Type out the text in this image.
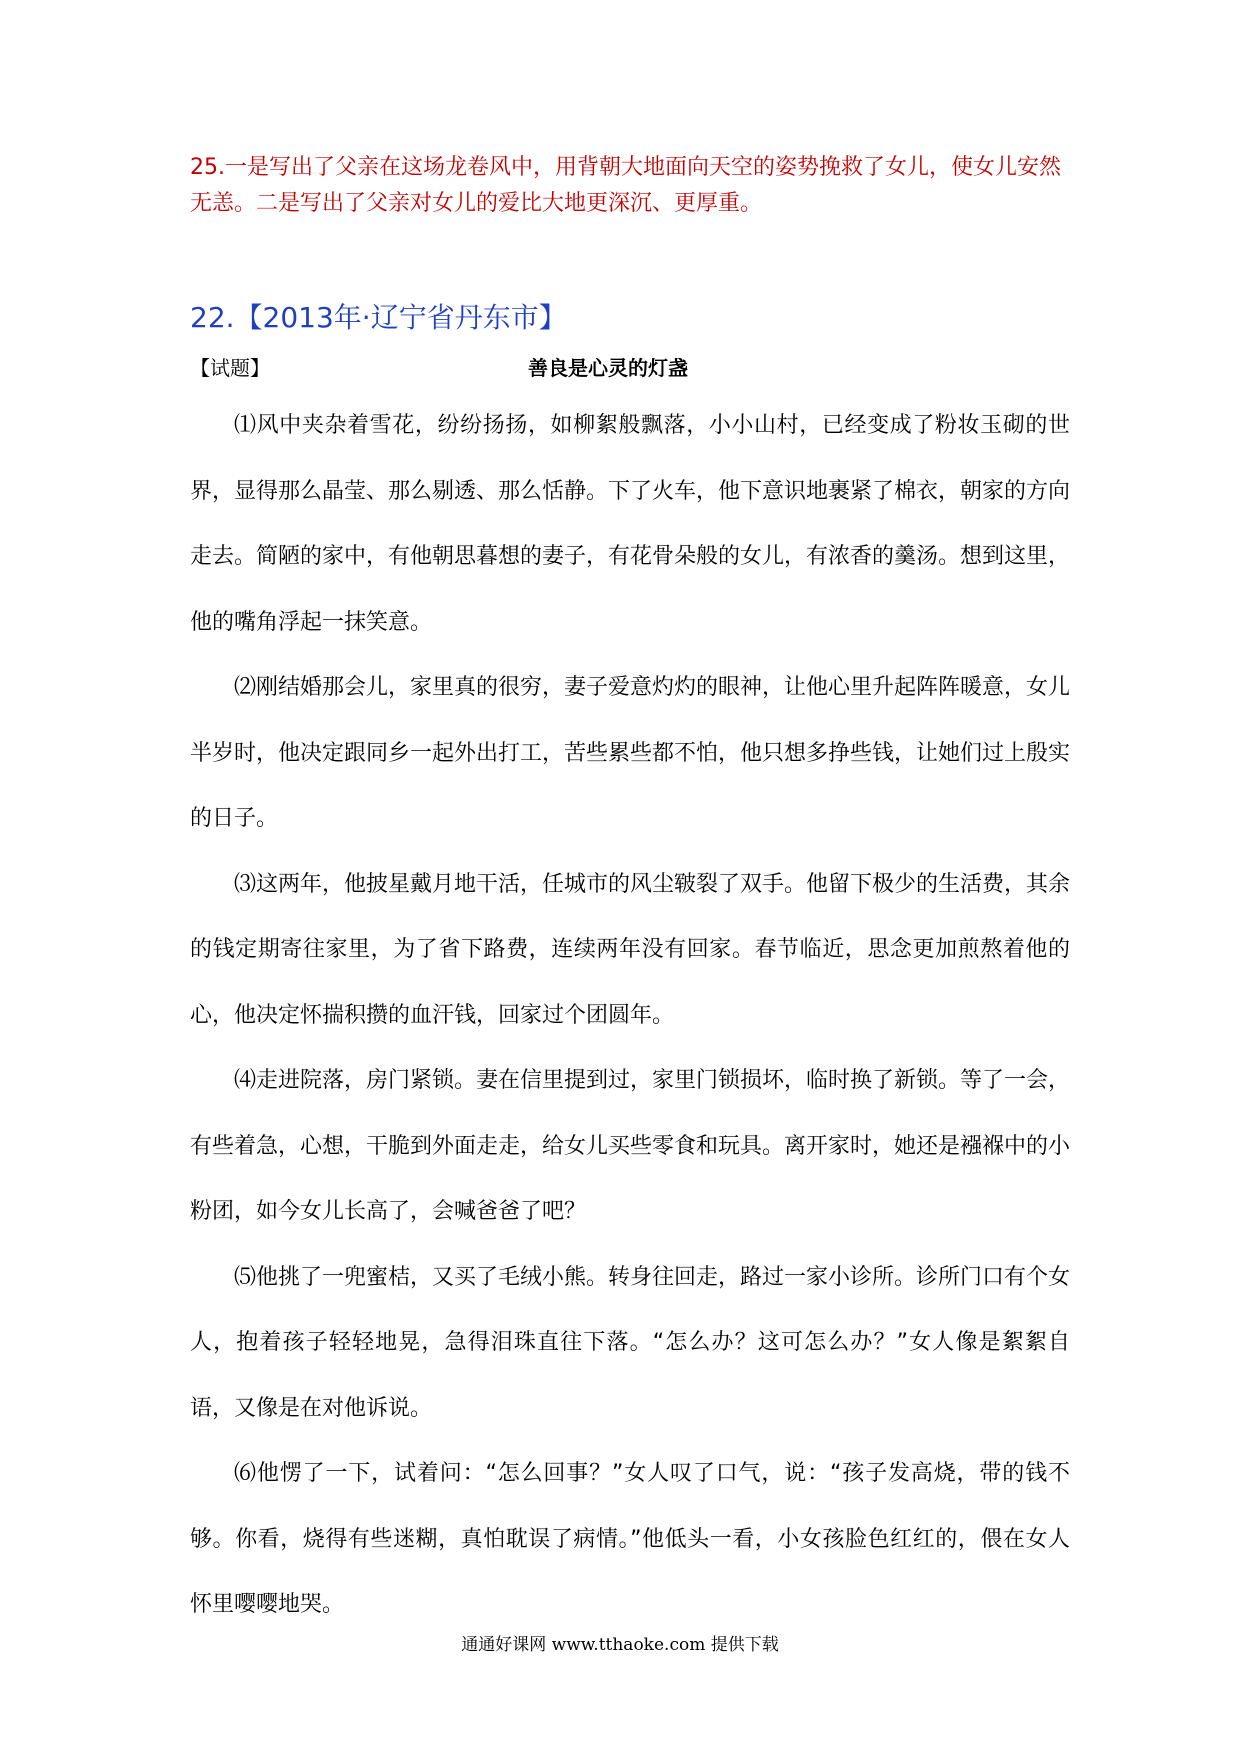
25.一是写出了父亲在这场龙卷风中，用背朝大地面向天空的姿势挽救了女儿，使女儿安然无恙。二是写出了父亲对女儿的爱比大地更深沉、更厚重。
22.【2013年·辽宁省丹东市】
【试题】	善良是心灵的灯盏

⑴风中夹杂着雪花，纷纷扬扬，如柳絮般飘落，小小山村，已经变成了粉妆玉砌的世界，显得那么晶莹、那么剔透、那么恬静。下了火车，他下意识地裹紧了棉衣，朝家的方向走去。简陋的家中，有他朝思暮想的妻子，有花骨朵般的女儿，有浓香的羹汤。想到这里，他的嘴角浮起一抹笑意。

⑵刚结婚那会儿，家里真的很穷，妻子爱意灼灼的眼神，让他心里升起阵阵暖意，女儿半岁时，他决定跟同乡一起外出打工，苦些累些都不怕，他只想多挣些钱，让她们过上殷实的日子。

⑶这两年，他披星戴月地干活，任城市的风尘皲裂了双手。他留下极少的生活费，其余的钱定期寄往家里，为了省下路费，连续两年没有回家。春节临近，思念更加煎熬着他的心，他决定怀揣积攒的血汗钱，回家过个团圆年。

⑷走进院落，房门紧锁。妻在信里提到过，家里门锁损坏，临时换了新锁。等了一会，有些着急，心想，干脆到外面走走，给女儿买些零食和玩具。离开家时，她还是襁褓中的小粉团，如今女儿长高了，会喊爸爸了吧？

⑸他挑了一兜蜜桔，又买了毛绒小熊。转身往回走，路过一家小诊所。诊所门口有个女人，抱着孩子轻轻地晃，急得泪珠直往下落。“怎么办？这可怎么办？”女人像是絮絮自语，又像是在对他诉说。

⑹他愣了一下，试着问：“怎么回事？”女人叹了口气，说：“孩子发高烧，带的钱不够。你看，烧得有些迷糊，真怕耽误了病情。”他低头一看，小女孩脸色红红的，偎在女人怀里嘤嘤地哭。

通通好课网 www.tthaoke.com 提供下载
